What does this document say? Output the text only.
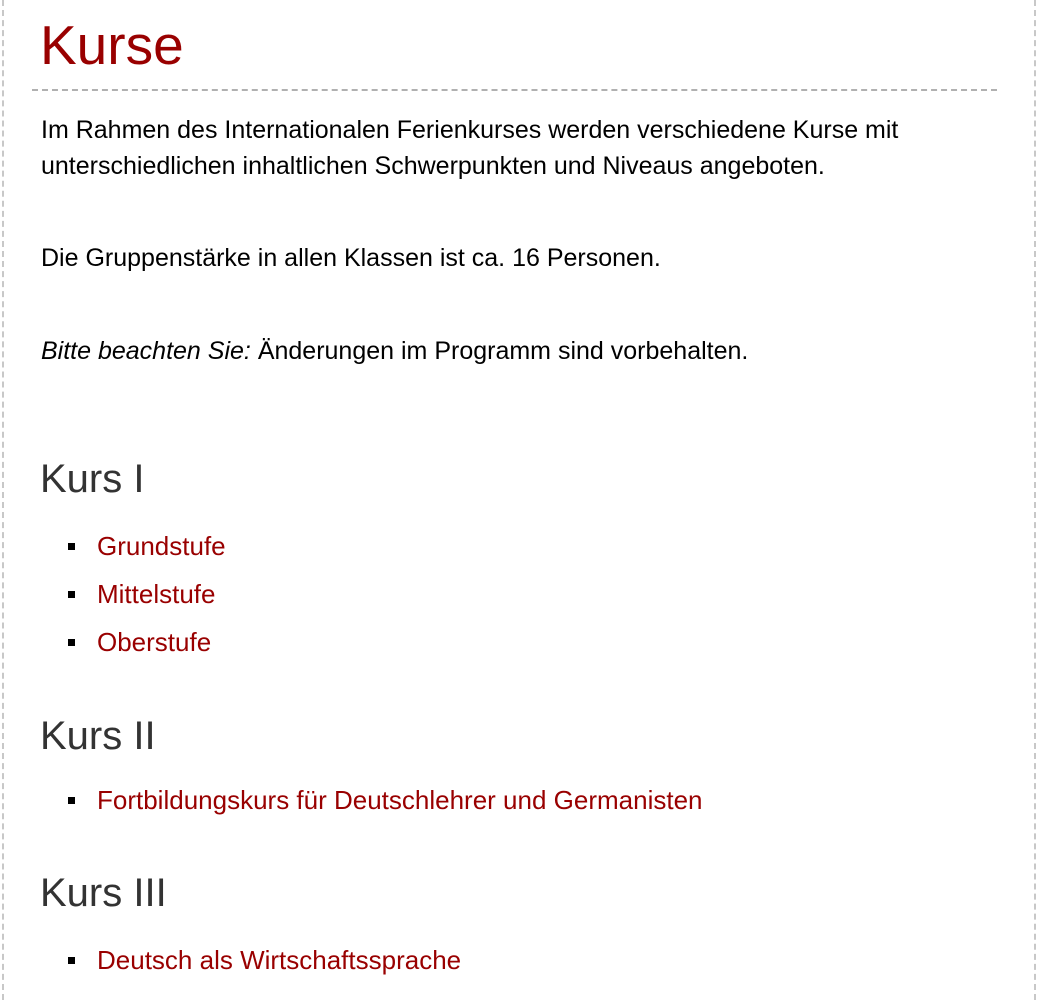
Kurse

Im Rahmen des Internationalen Ferienkurses werden verschiedene Kurse mit unterschiedlichen inhaltlichen Schwerpunkten und Niveaus angeboten.

Die Gruppenstärke in allen Klassen ist ca. 16 Personen.

Bitte beachten Sie: Änderungen im Programm sind vorbehalten.

Kurs I
Grundstufe
Mittelstufe
Oberstufe
Kurs II
Fortbildungskurs für Deutschlehrer und Germanisten
Kurs III
Deutsch als Wirtschaftssprache
